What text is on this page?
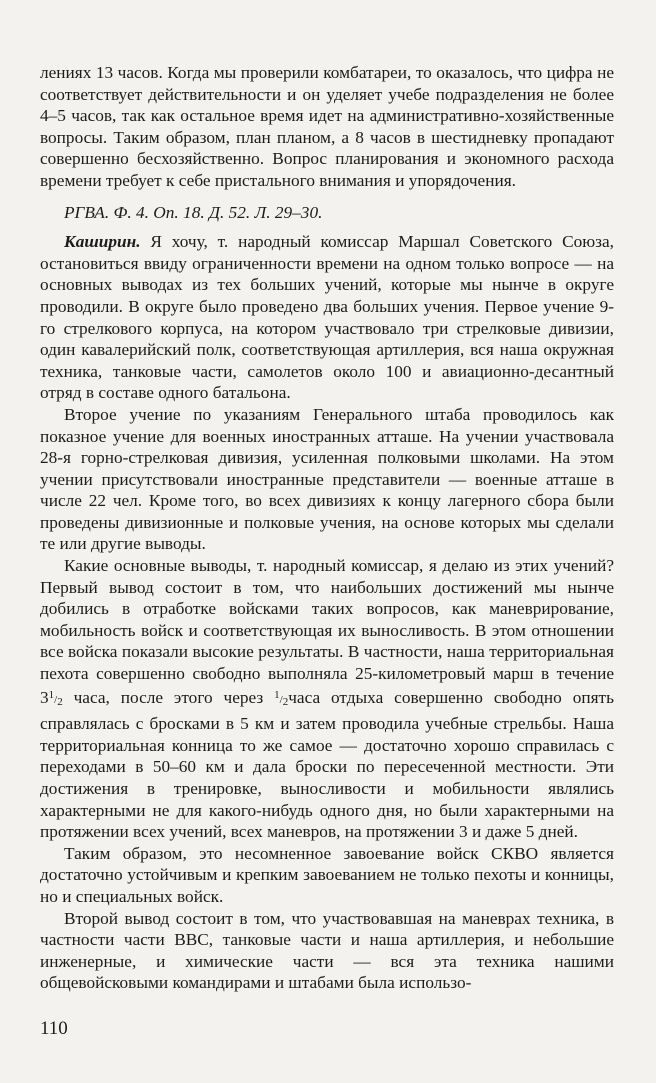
лениях 13 часов. Когда мы проверили комбатареи, то оказалось, что цифра не соответствует действительности и он уделяет учебе подразделения не более 4–5 часов, так как остальное время идет на административно-хозяйственные вопросы. Таким образом, план планом, а 8 часов в шестидневку пропадают совершенно бесхозяйственно. Вопрос планирования и экономного расхода времени требует к себе пристального внимания и упорядочения.

РГВА. Ф. 4. Оп. 18. Д. 52. Л. 29–30.

Каширин. Я хочу, т. народный комиссар Маршал Советского Союза, остановиться ввиду ограниченности времени на одном только вопросе — на основных выводах из тех больших учений, которые мы нынче в округе проводили. В округе было проведено два больших учения. Первое учение 9-го стрелкового корпуса, на котором участвовало три стрелковые дивизии, один кавалерийский полк, соответствующая артиллерия, вся наша окружная техника, танковые части, самолетов около 100 и авиационно-десантный отряд в составе одного батальона.

Второе учение по указаниям Генерального штаба проводилось как показное учение для военных иностранных атташе. На учении участвовала 28-я горно-стрелковая дивизия, усиленная полковыми школами. На этом учении присутствовали иностранные представители — военные атташе в числе 22 чел. Кроме того, во всех дивизиях к концу лагерного сбора были проведены дивизионные и полковые учения, на основе которых мы сделали те или другие выводы.

Какие основные выводы, т. народный комиссар, я делаю из этих учений? Первый вывод состоит в том, что наибольших достижений мы нынче добились в отработке войсками таких вопросов, как маневрирование, мобильность войск и соответствующая их выносливость. В этом отношении все войска показали высокие результаты. В частности, наша территориальная пехота совершенно свободно выполняла 25-километровый марш в течение $3^1/_2$ часа, после этого через $^1/_2часа$ отдыха совершенно свободно опять справлялась с бросками в 5 км и затем проводила учебные стрельбы. Наша территориальная конница то же самое — достаточно хорошо справилась с переходами в 50–60 км и дала броски по пересеченной местности. Эти достижения в тренировке, выносливости и мобильности являлись характерными не для какого-нибудь одного дня, но были характерными на протяжении всех учений, всех маневров, на протяжении 3 и даже 5 дней.

Таким образом, это несомненное завоевание войск СКВО является достаточно устойчивым и крепким завоеванием не только пехоты и конницы, но и специальных войск.

Второй вывод состоит в том, что участвовавшая на маневрах техника, в частности части ВВС, танковые части и наша артиллерия, и небольшие инженерные, и химические части — вся эта техника нашими общевойсковыми командирами и штабами была использо-

110
